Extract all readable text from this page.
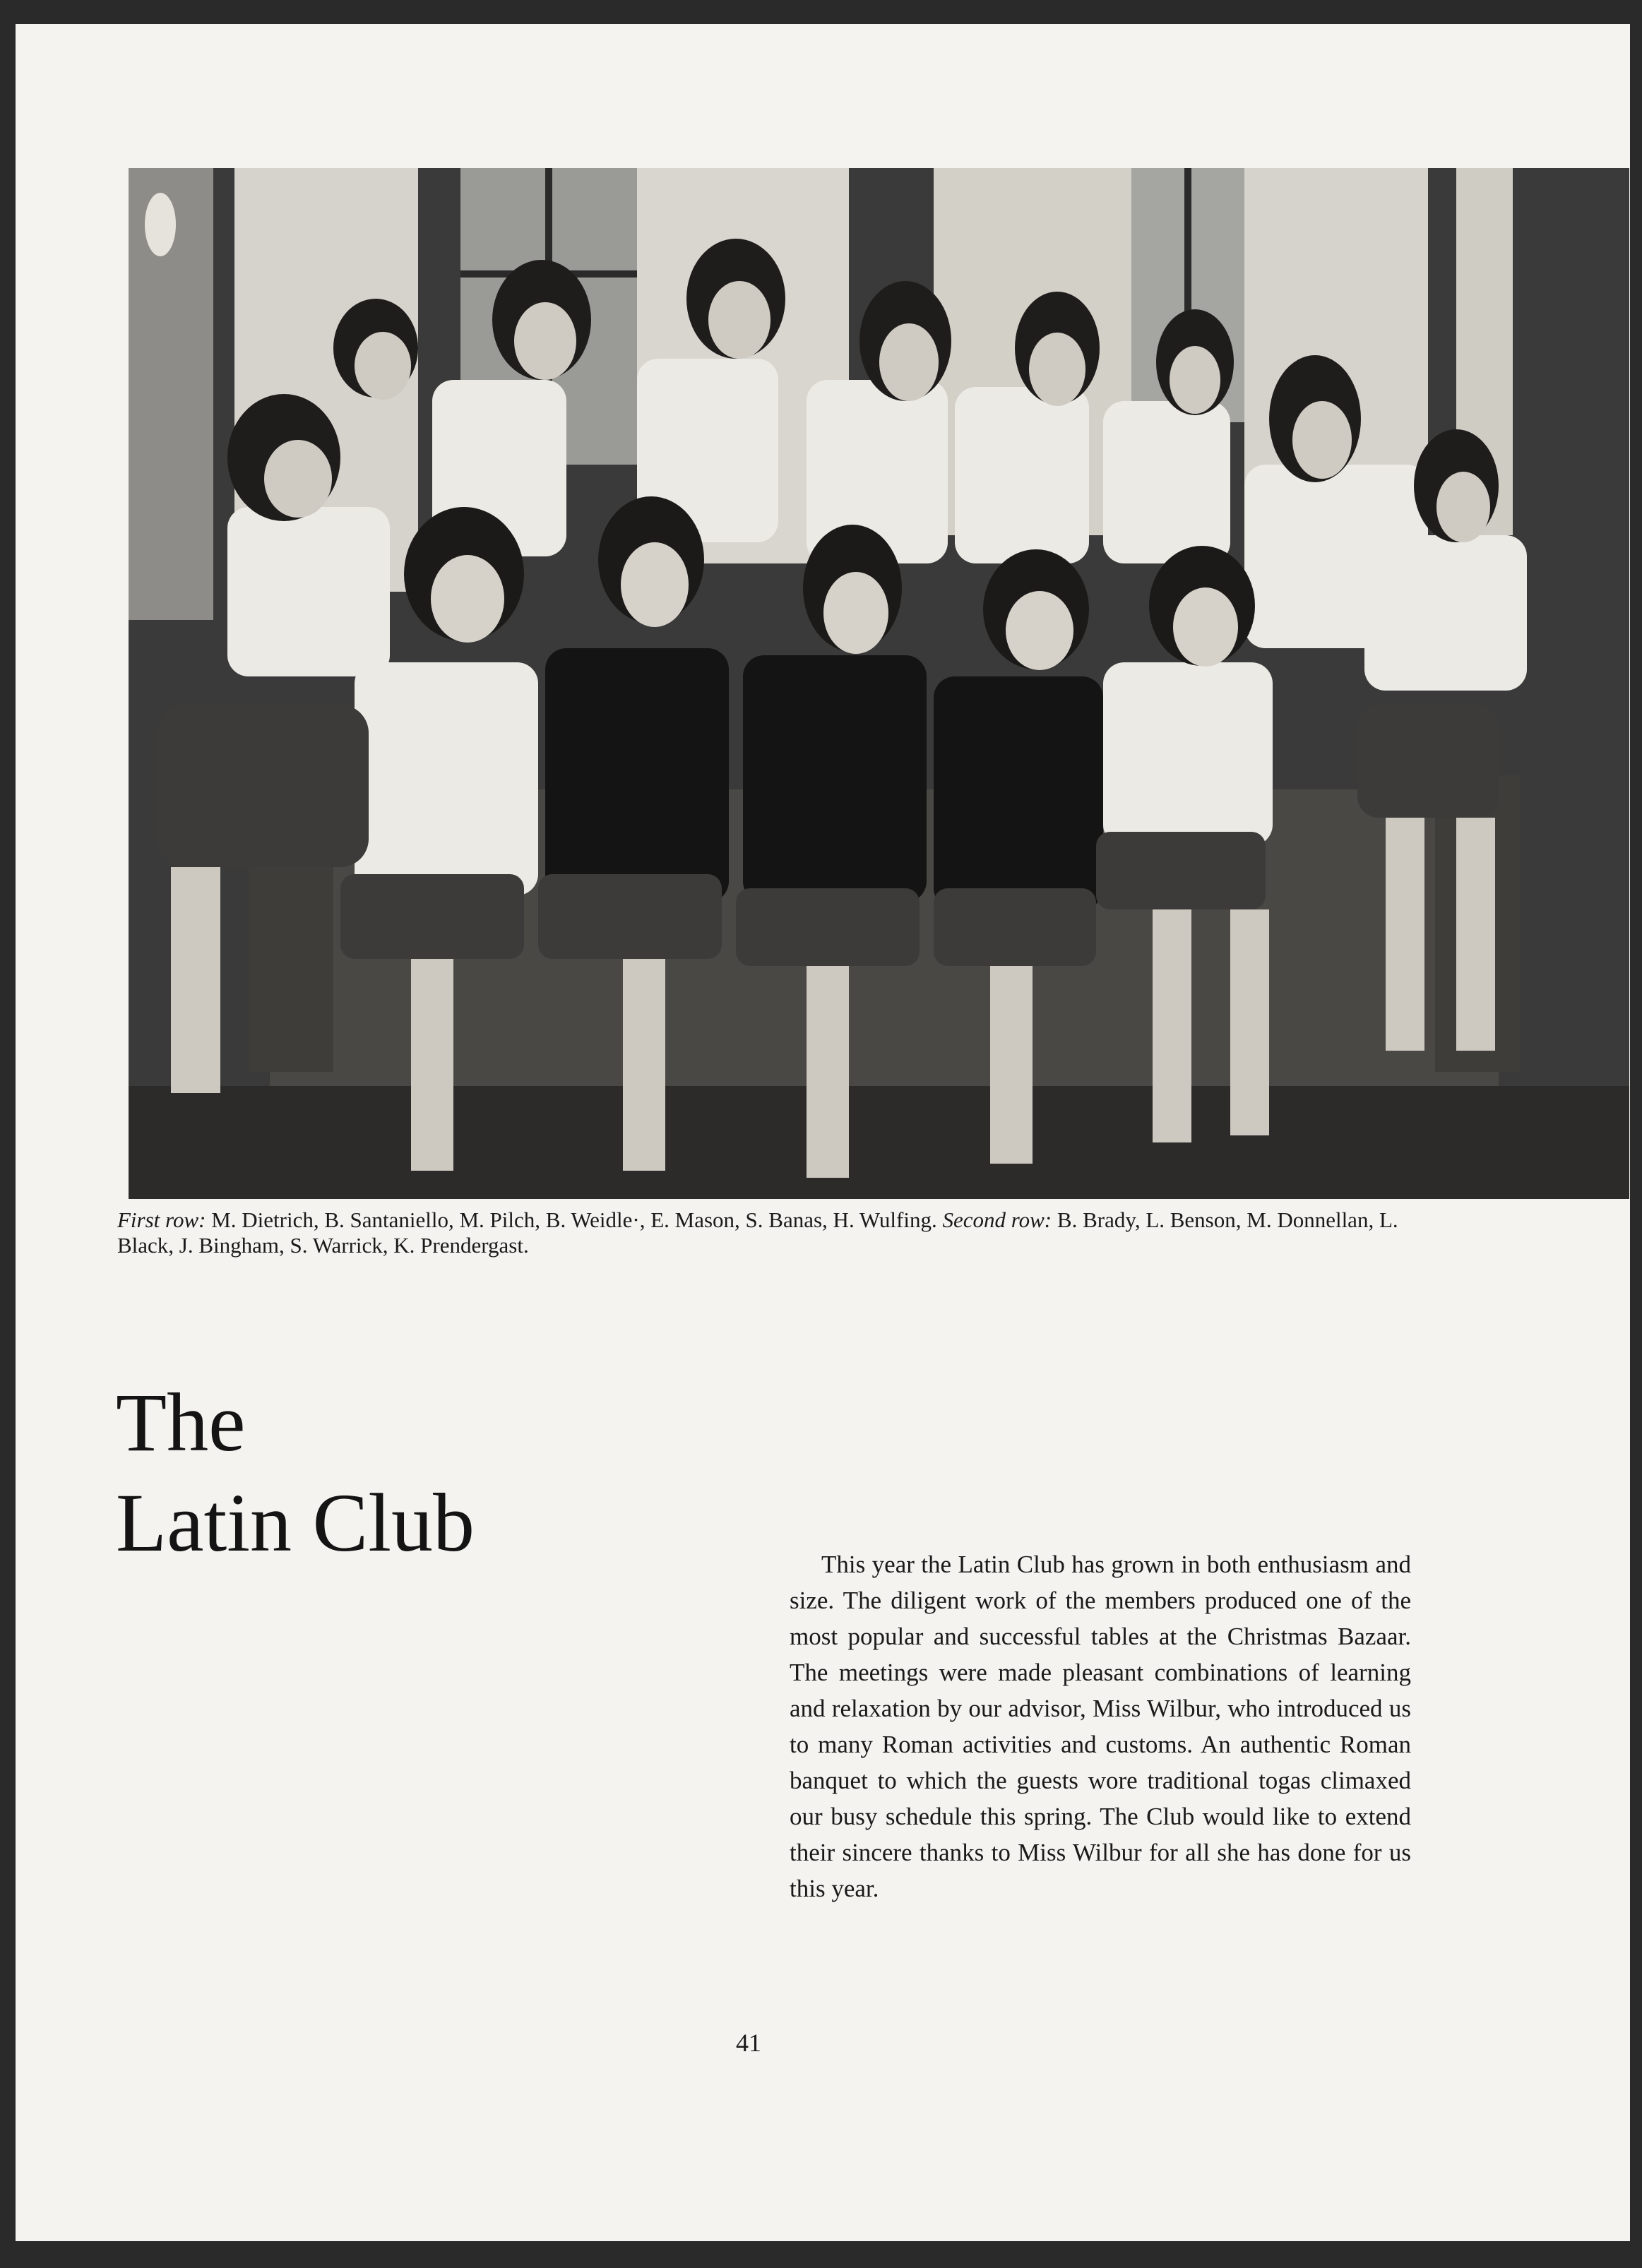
First row: M. Dietrich, B. Santaniello, M. Pilch, B. Weidle·, E. Mason, S. Banas, H. Wulfing. Second row: B. Brady, L. Benson, M. Donnellan, L. Black, J. Bingham, S. Warrick, K. Prendergast.
The
Latin Club	This year the Latin Club has grown in both enthusiasm and size. The diligent work of the members produced one of the most popular and successful tables at the Christmas Bazaar. The meetings were made pleasant combinations of learning and relaxation by our advisor, Miss Wilbur, who introduced us to many Roman activities and customs. An authentic Roman banquet to which the guests wore traditional togas climaxed our busy schedule this spring. The Club would like to extend their sincere thanks to Miss Wilbur for all she has done for us this year.

41
